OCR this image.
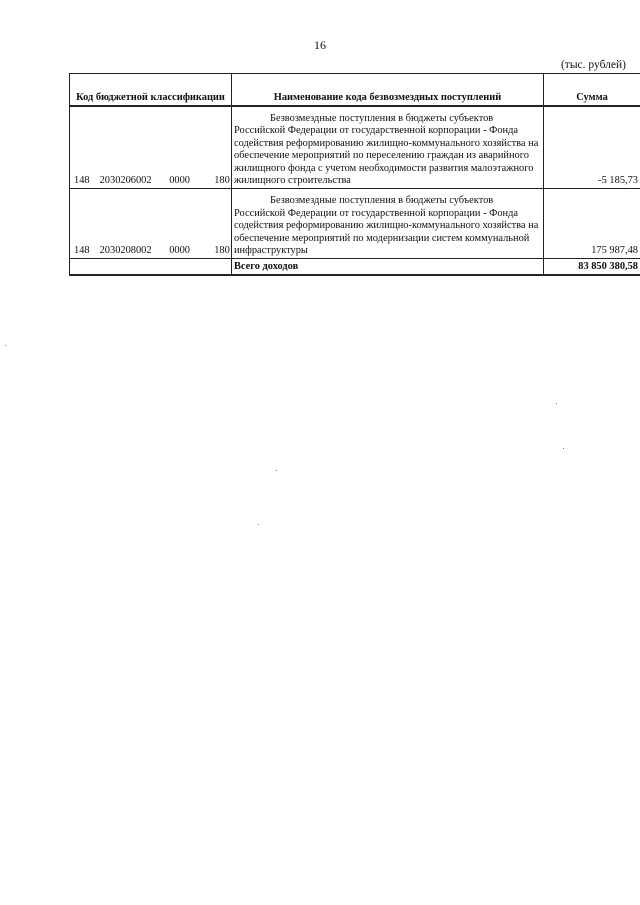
16
(тыс. рублей)
Код бюджетной классификации	Наименование кода безвозмездных поступлений	Сумма
148 2030206002 0000 180	Безвозмездные поступления в бюджеты субъектов Российской Федерации от государственной корпорации - Фонда содействия реформированию жилищно-коммунального хозяйства на обеспечение мероприятий по переселению граждан из аварийного жилищного фонда с учетом необходимости развития малоэтажного жилищного строительства	-5 185,73
148 2030208002 0000 180	Безвозмездные поступления в бюджеты субъектов Российской Федерации от государственной корпорации - Фонда содействия реформированию жилищно-коммунального хозяйства на обеспечение мероприятий по модернизации систем коммунальной инфраструктуры	175 987,48
	Всего доходов	83 850 380,58
